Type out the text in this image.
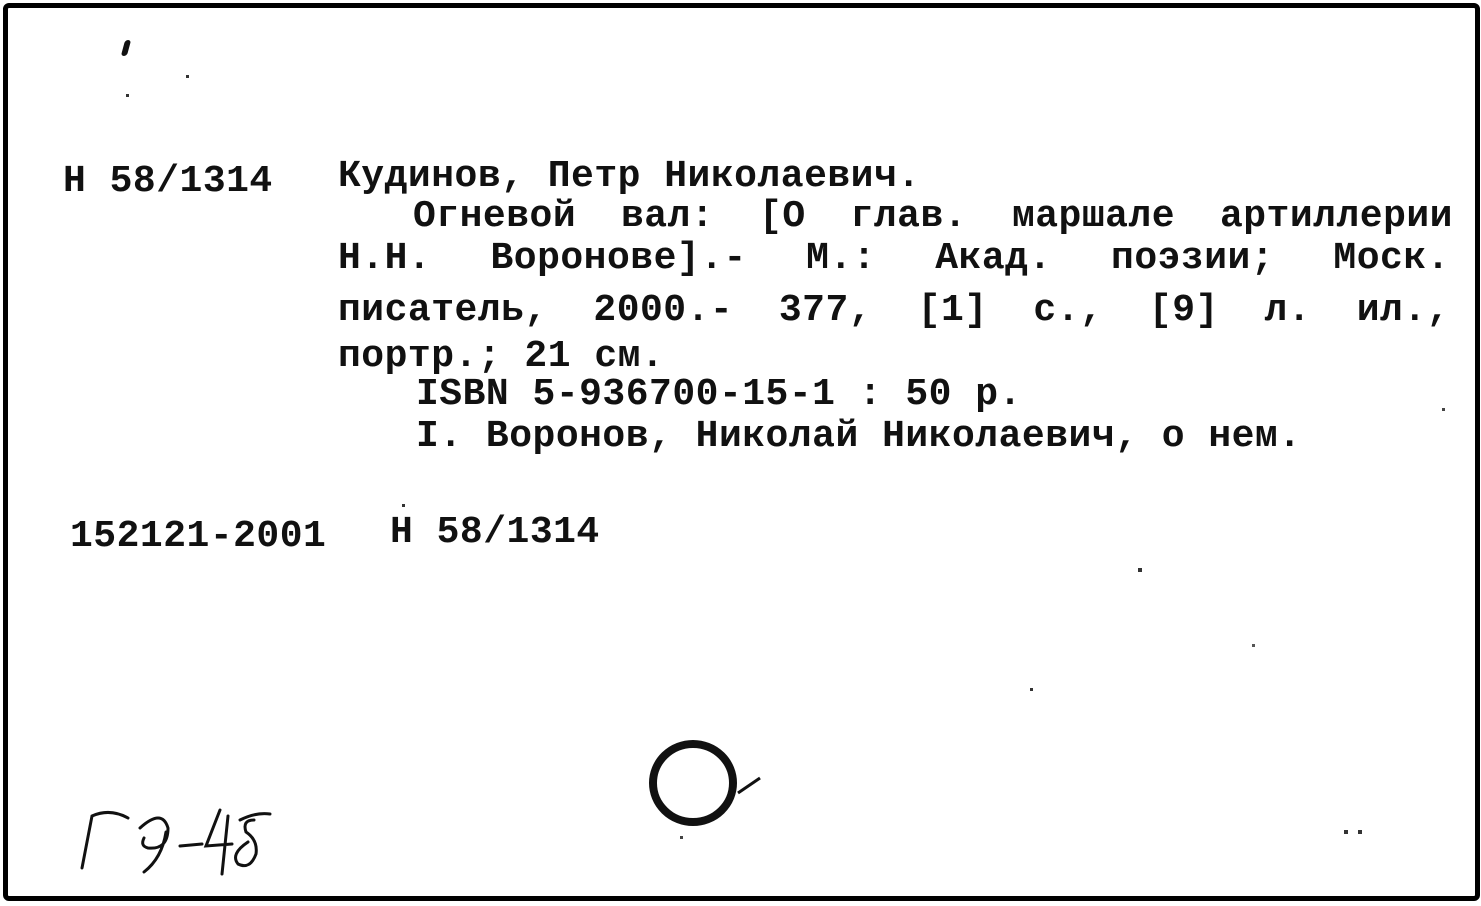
Н 58/1314 Кудинов, Петр Николаевич.
Огневой вал: [О глав. маршале артиллерии
Н.Н. Вороновe].- М.: Акад. поэзии; Моск.
писатель, 2000.- 377, [1] с., [9] л. ил.,
портр.; 21 см.
ISBN 5-936700-15-1 : 50 р.
I. Воронов, Николай Николаевич, о нем.
152121-2001 Н 58/1314
